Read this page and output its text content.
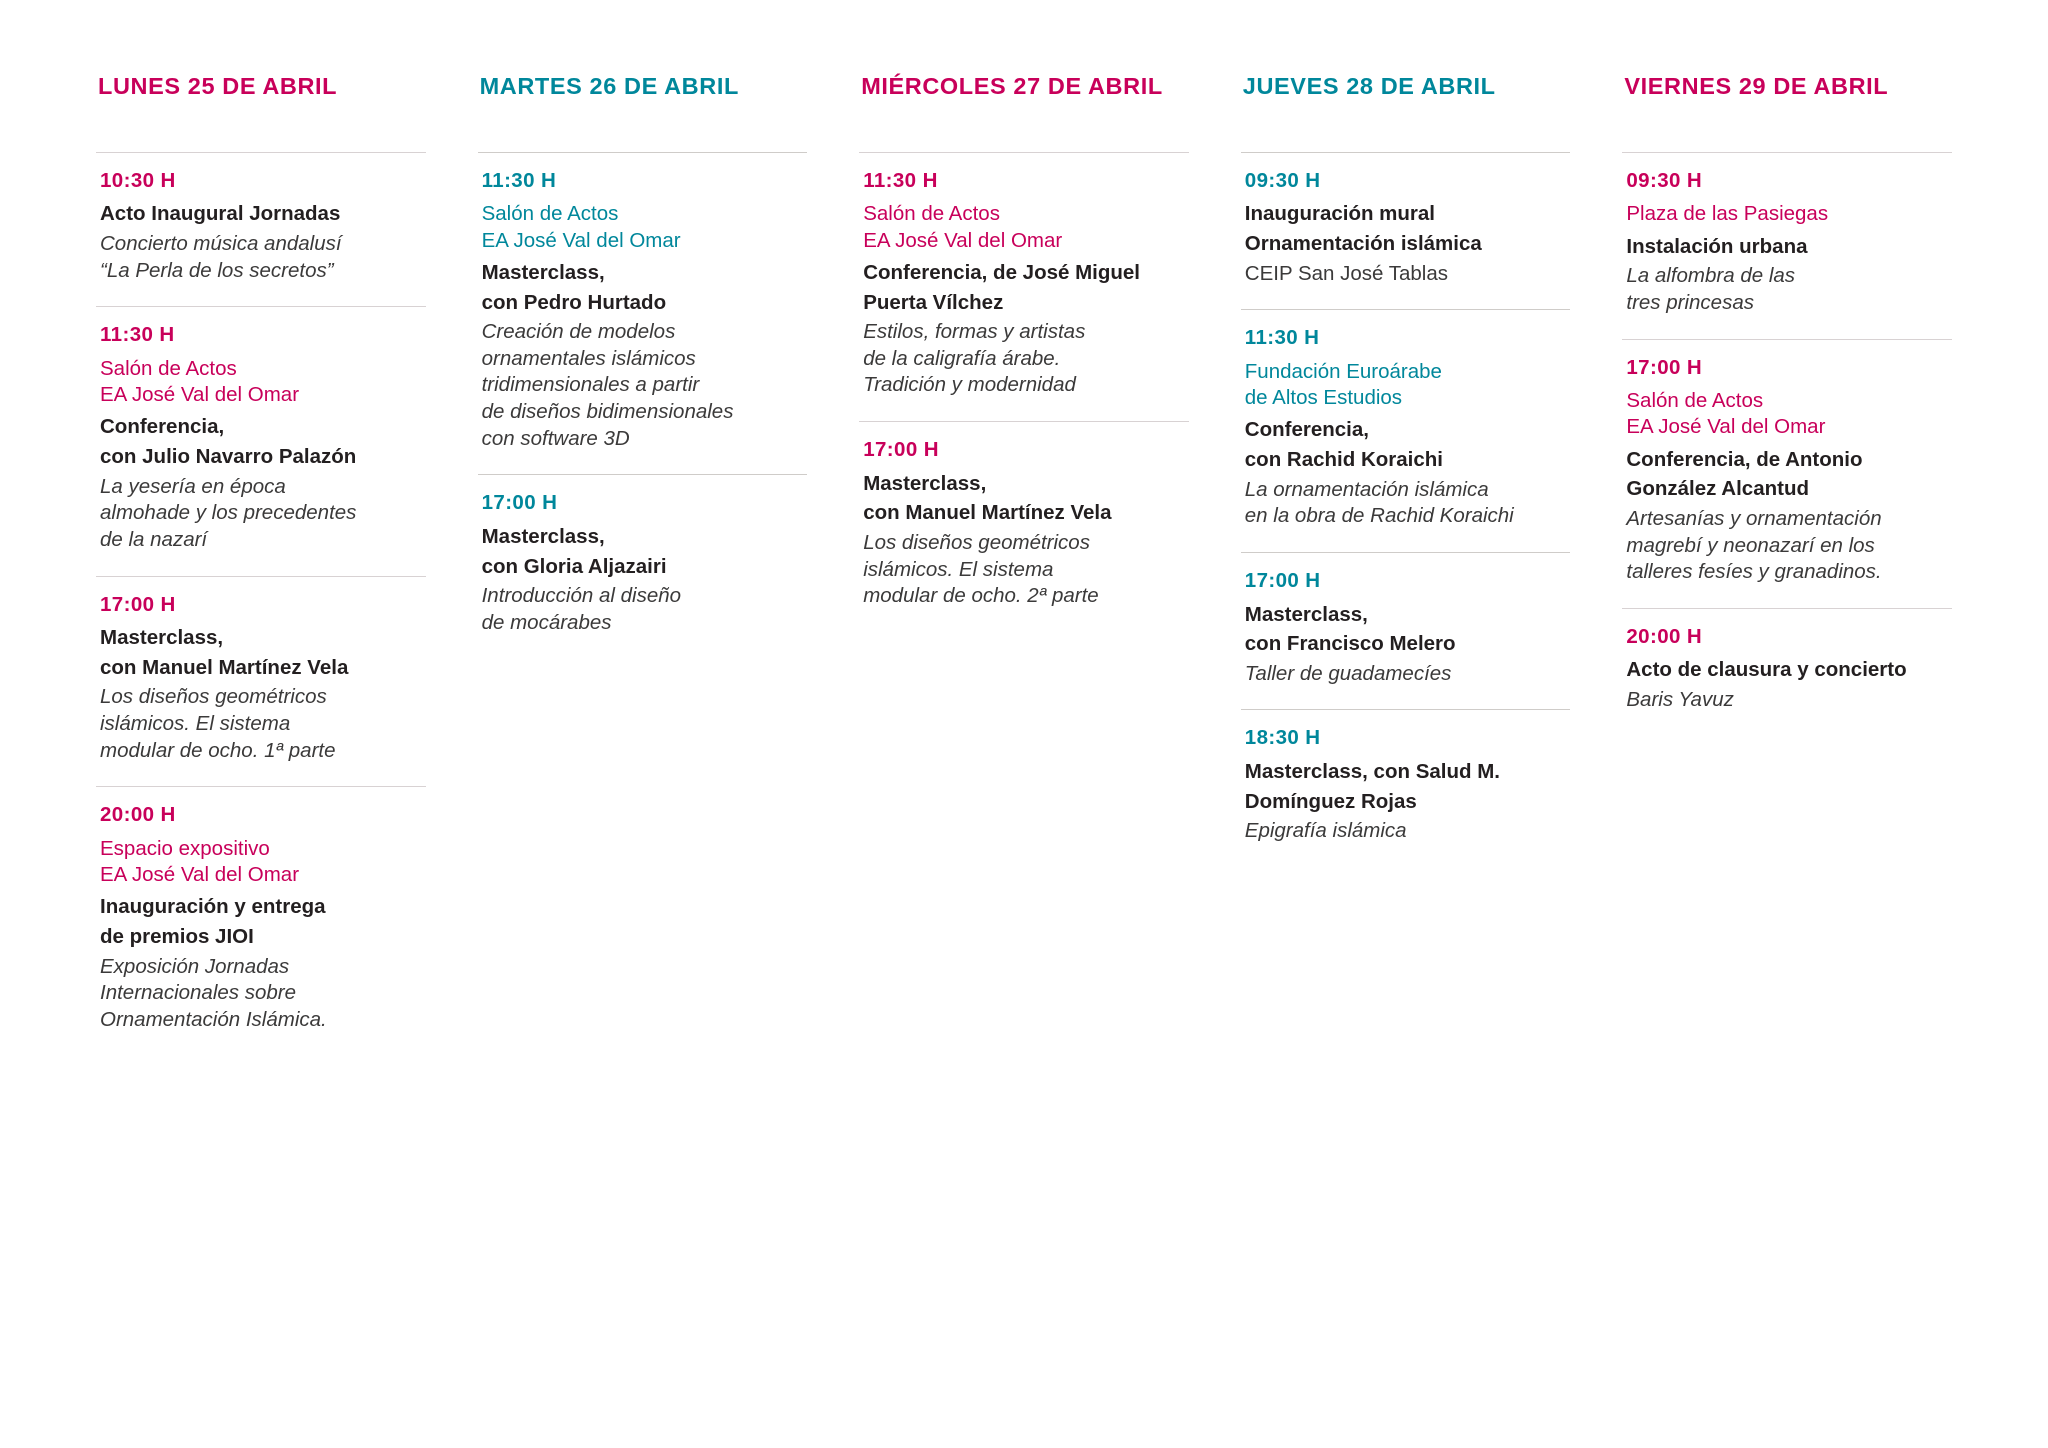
LUNES 25 DE ABRIL
10:30 H
Acto Inaugural Jornadas
Concierto música andalusí
“La Perla de los secretos”
11:30 H
Salón de Actos
EA José Val del Omar
Conferencia,
con Julio Navarro Palazón
La yesería en época
almohade y los precedentes
de la nazarí
17:00 H
Masterclass,
con Manuel Martínez Vela
Los diseños geométricos
islámicos. El sistema
modular de ocho. 1ª parte
20:00 H
Espacio expositivo
EA José Val del Omar
Inauguración y entrega
de premios JIOI
Exposición Jornadas
Internacionales sobre
Ornamentación Islámica.
MARTES 26 DE ABRIL
11:30 H
Salón de Actos
EA José Val del Omar
Masterclass,
con Pedro Hurtado
Creación de modelos
ornamentales islámicos
tridimensionales a partir
de diseños bidimensionales
con software 3D
17:00 H
Masterclass,
con Gloria Aljazairi
Introducción al diseño
de mocárabes
MIÉRCOLES 27 DE ABRIL
11:30 H
Salón de Actos
EA José Val del Omar
Conferencia, de José Miguel
Puerta Vílchez
Estilos, formas y artistas
de la caligrafía árabe.
Tradición y modernidad
17:00 H
Masterclass,
con Manuel Martínez Vela
Los diseños geométricos
islámicos. El sistema
modular de ocho. 2ª parte
JUEVES 28 DE ABRIL
09:30 H
Inauguración mural
Ornamentación islámica
CEIP San José Tablas
11:30 H
Fundación Euroárabe
de Altos Estudios
Conferencia,
con Rachid Koraichi
La ornamentación islámica
en la obra de Rachid Koraichi
17:00 H
Masterclass,
con Francisco Melero
Taller de guadamecíes
18:30 H
Masterclass, con Salud M.
Domínguez Rojas
Epigrafía islámica
VIERNES 29 DE ABRIL
09:30 H
Plaza de las Pasiegas
Instalación urbana
La alfombra de las
tres princesas
17:00 H
Salón de Actos
EA José Val del Omar
Conferencia, de Antonio
González Alcantud
Artesanías y ornamentación
magrebí y neonazarí en los
talleres fesíes y granadinos.
20:00 H
Acto de clausura y concierto
Baris Yavuz
